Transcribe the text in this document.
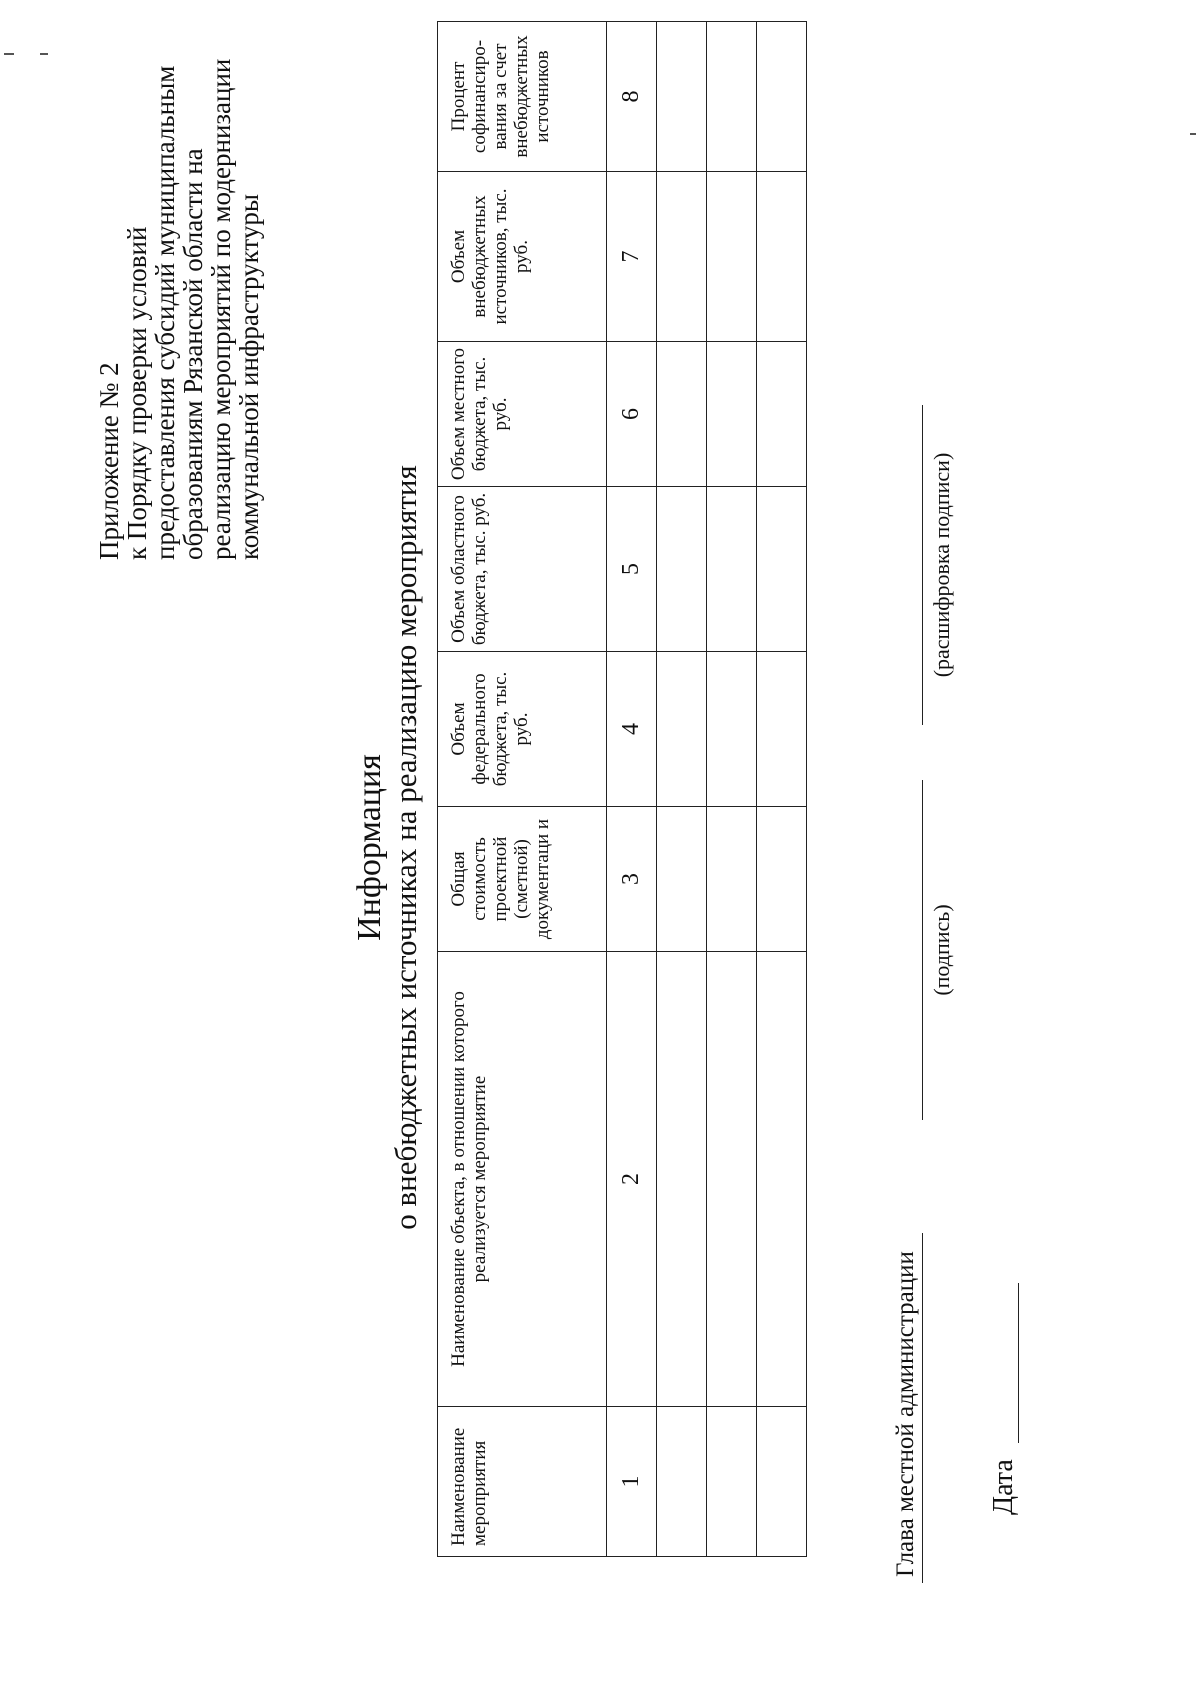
Приложение № 2
к Порядку проверки условий
предоставления субсидий муниципальным
образованиям Рязанской области на
реализацию мероприятий по модернизации
коммунальной инфраструктуры
Информация о внебюджетных источниках на реализацию мероприятия
Наименование мероприятия	Наименование объекта, в отношении которого реализуется мероприятие	Общая стоимость проектной (сметной) документаци и	Объем федерального бюджета, тыс. руб.	Объем областного бюджета, тыс. руб.	Объем местного бюджета, тыс. руб.	Объем внебюджетных источников, тыс. руб.	Процент софинансиро-вания за счет внебюджетных источников
1	2	3	4	5	6	7	8

Глава местной администрации
(подпись)
(расшифровка подписи)
Дата
